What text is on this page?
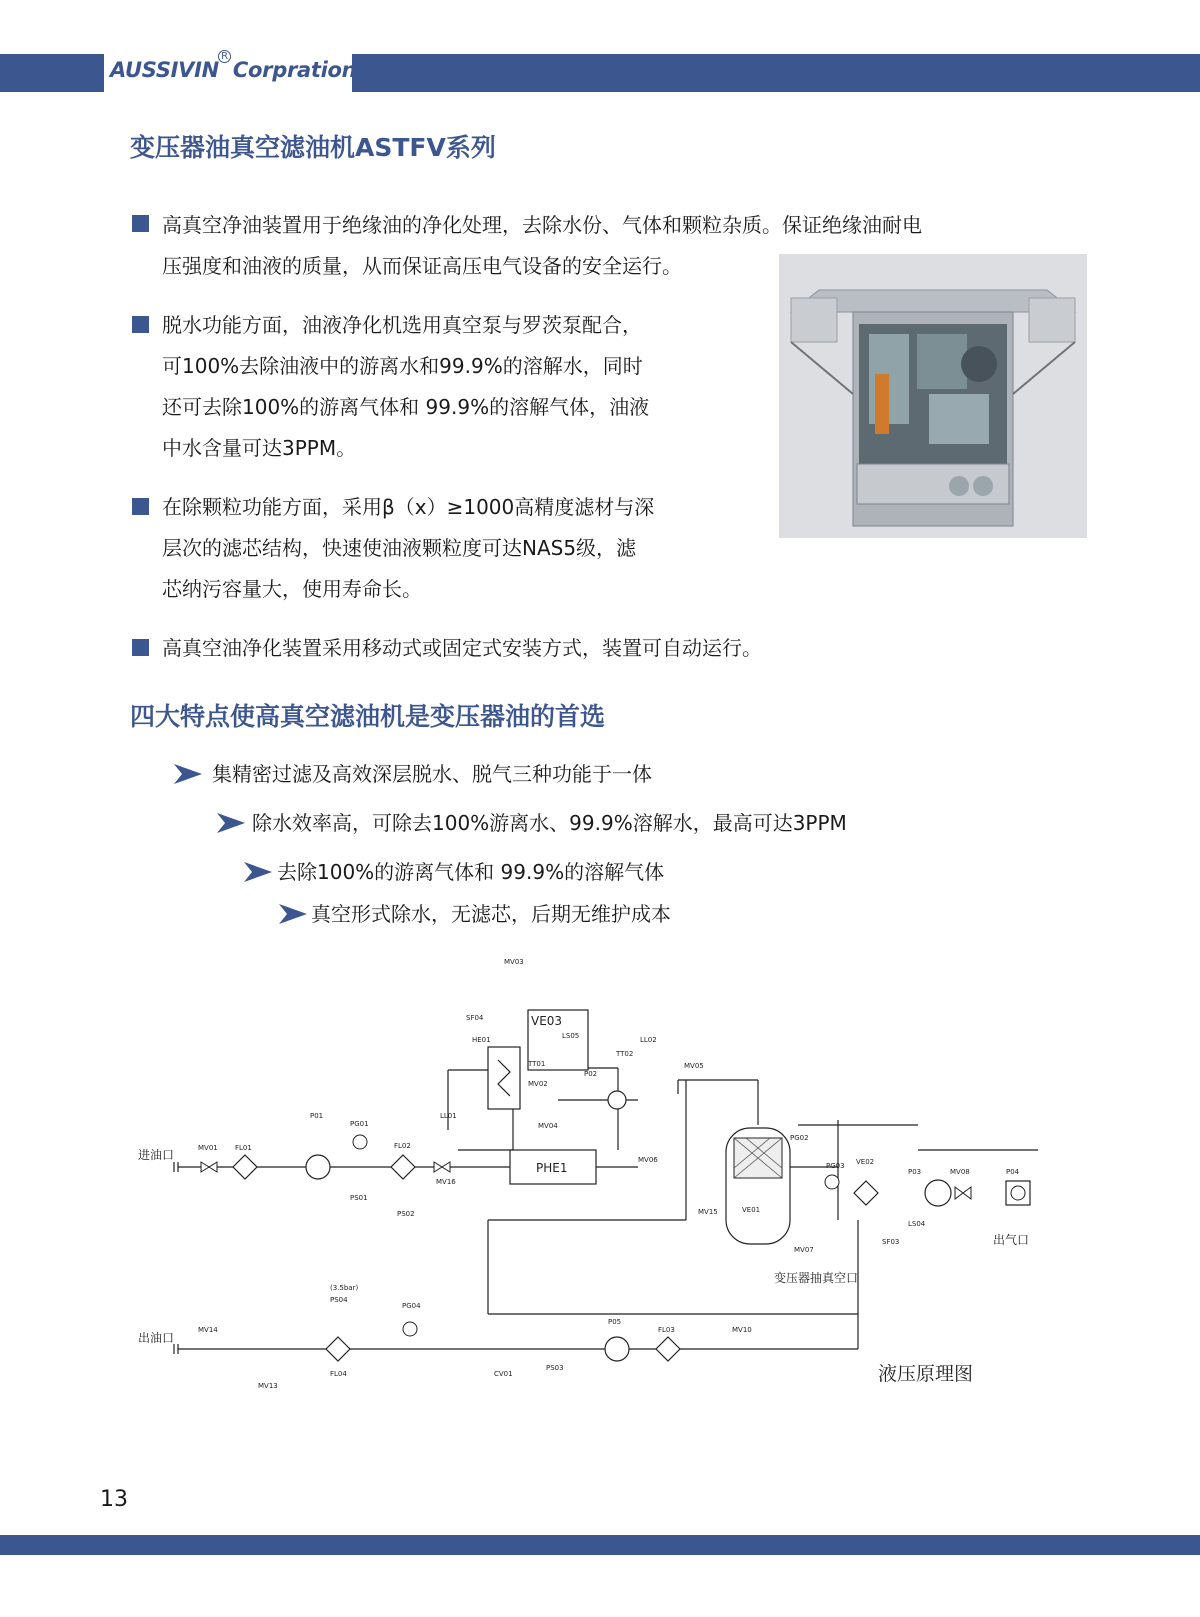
AUSSIVIN
R
Corpration
变压器油真空滤油机ASTFV系列
高真空净油装置用于绝缘油的净化处理，去除水份、气体和颗粒杂质。保证绝缘油耐电
压强度和油液的质量，从而保证高压电气设备的安全运行。
脱水功能方面，油液净化机选用真空泵与罗茨泵配合，
可100%去除油液中的游离水和99.9%的溶解水，同时
还可去除100%的游离气体和 99.9%的溶解气体，油液
中水含量可达3PPM。
在除颗粒功能方面，采用β（x）≥1000高精度滤材与深
层次的滤芯结构，快速使油液颗粒度可达NAS5级，滤
芯纳污容量大，使用寿命长。
高真空油净化装置采用移动式或固定式安装方式，装置可自动运行。
四大特点使高真空滤油机是变压器油的首选
集精密过滤及高效深层脱水、脱气三种功能于一体
除水效率高，可除去100%游离水、99.9%溶解水，最高可达3PPM
去除100%的游离气体和 99.9%的溶解气体
真空形式除水，无滤芯，后期无维护成本
VE03
PHE1
进油口
出油口
出气口
变压器抽真空口
液压原理图
MV01 FL01
P01
PG01
PS01
FL02
PS02
MV16
LL01
HE01
SF04
MV03
LS05
TT01
MV02
P02
MV04
TT02
LL02
MV05
MV06
PG02
VE01
PG03 VE02
P03	MV08	P04
LS04
SF03
MV07
MV15
MV14
MV13
PS04
PG04
FL04	CV01
PS03
P05
FL03	MV10
(3.5bar)
13
